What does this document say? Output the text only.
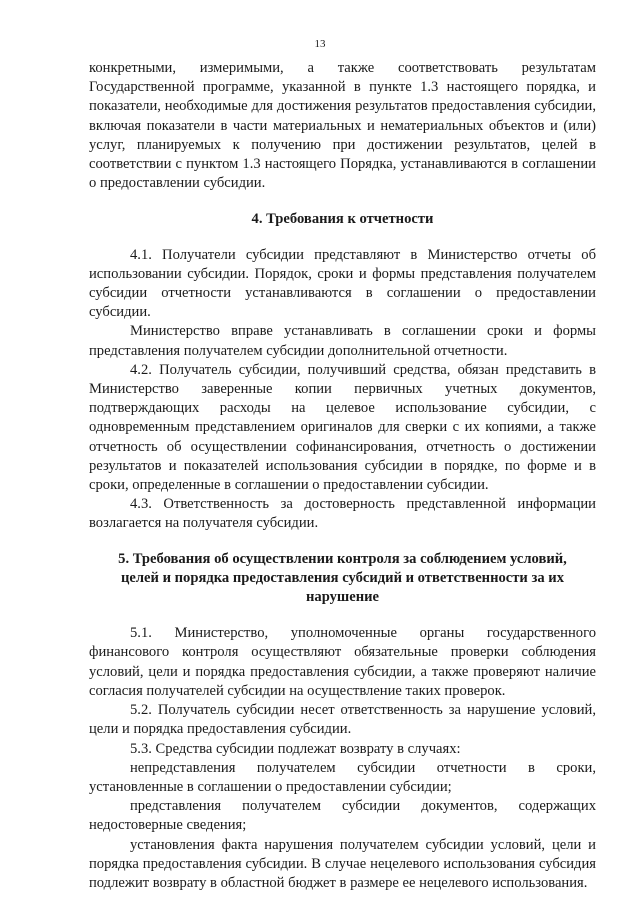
13

конкретными, измеримыми, а также соответствовать результатам Государственной программе, указанной в пункте 1.3 настоящего порядка, и показатели, необходимые для достижения результатов предоставления субсидии, включая показатели в части материальных и нематериальных объектов и (или) услуг, планируемых к получению при достижении результатов, целей в соответствии с пунктом 1.3 настоящего Порядка, устанавливаются в соглашении о предоставлении субсидии.

4. Требования к отчетности

4.1. Получатели субсидии представляют в Министерство отчеты об использовании субсидии. Порядок, сроки и формы представления получателем субсидии отчетности устанавливаются в соглашении о предоставлении субсидии.

Министерство вправе устанавливать в соглашении сроки и формы представления получателем субсидии дополнительной отчетности.

4.2. Получатель субсидии, получивший средства, обязан представить в Министерство заверенные копии первичных учетных документов, подтверждающих расходы на целевое использование субсидии, с одновременным представлением оригиналов для сверки с их копиями, а также отчетность об осуществлении софинансирования, отчетность о достижении результатов и показателей использования субсидии в порядке, по форме и в сроки, определенные в соглашении о предоставлении субсидии.

4.3. Ответственность за достоверность представленной информации возлагается на получателя субсидии.

5. Требования об осуществлении контроля за соблюдением условий,
целей и порядка предоставления субсидий и ответственности за их
нарушение

5.1. Министерство, уполномоченные органы государственного финансового контроля осуществляют обязательные проверки соблюдения условий, цели и порядка предоставления субсидии, а также проверяют наличие согласия получателей субсидии на осуществление таких проверок.

5.2. Получатель субсидии несет ответственность за нарушение условий, цели и порядка предоставления субсидии.

5.3. Средства субсидии подлежат возврату в случаях:

непредставления получателем субсидии отчетности в сроки, установленные в соглашении о предоставлении субсидии;

представления получателем субсидии документов, содержащих недостоверные сведения;

установления факта нарушения получателем субсидии условий, цели и порядка предоставления субсидии. В случае нецелевого использования субсидия подлежит возврату в областной бюджет в размере ее нецелевого использования.
